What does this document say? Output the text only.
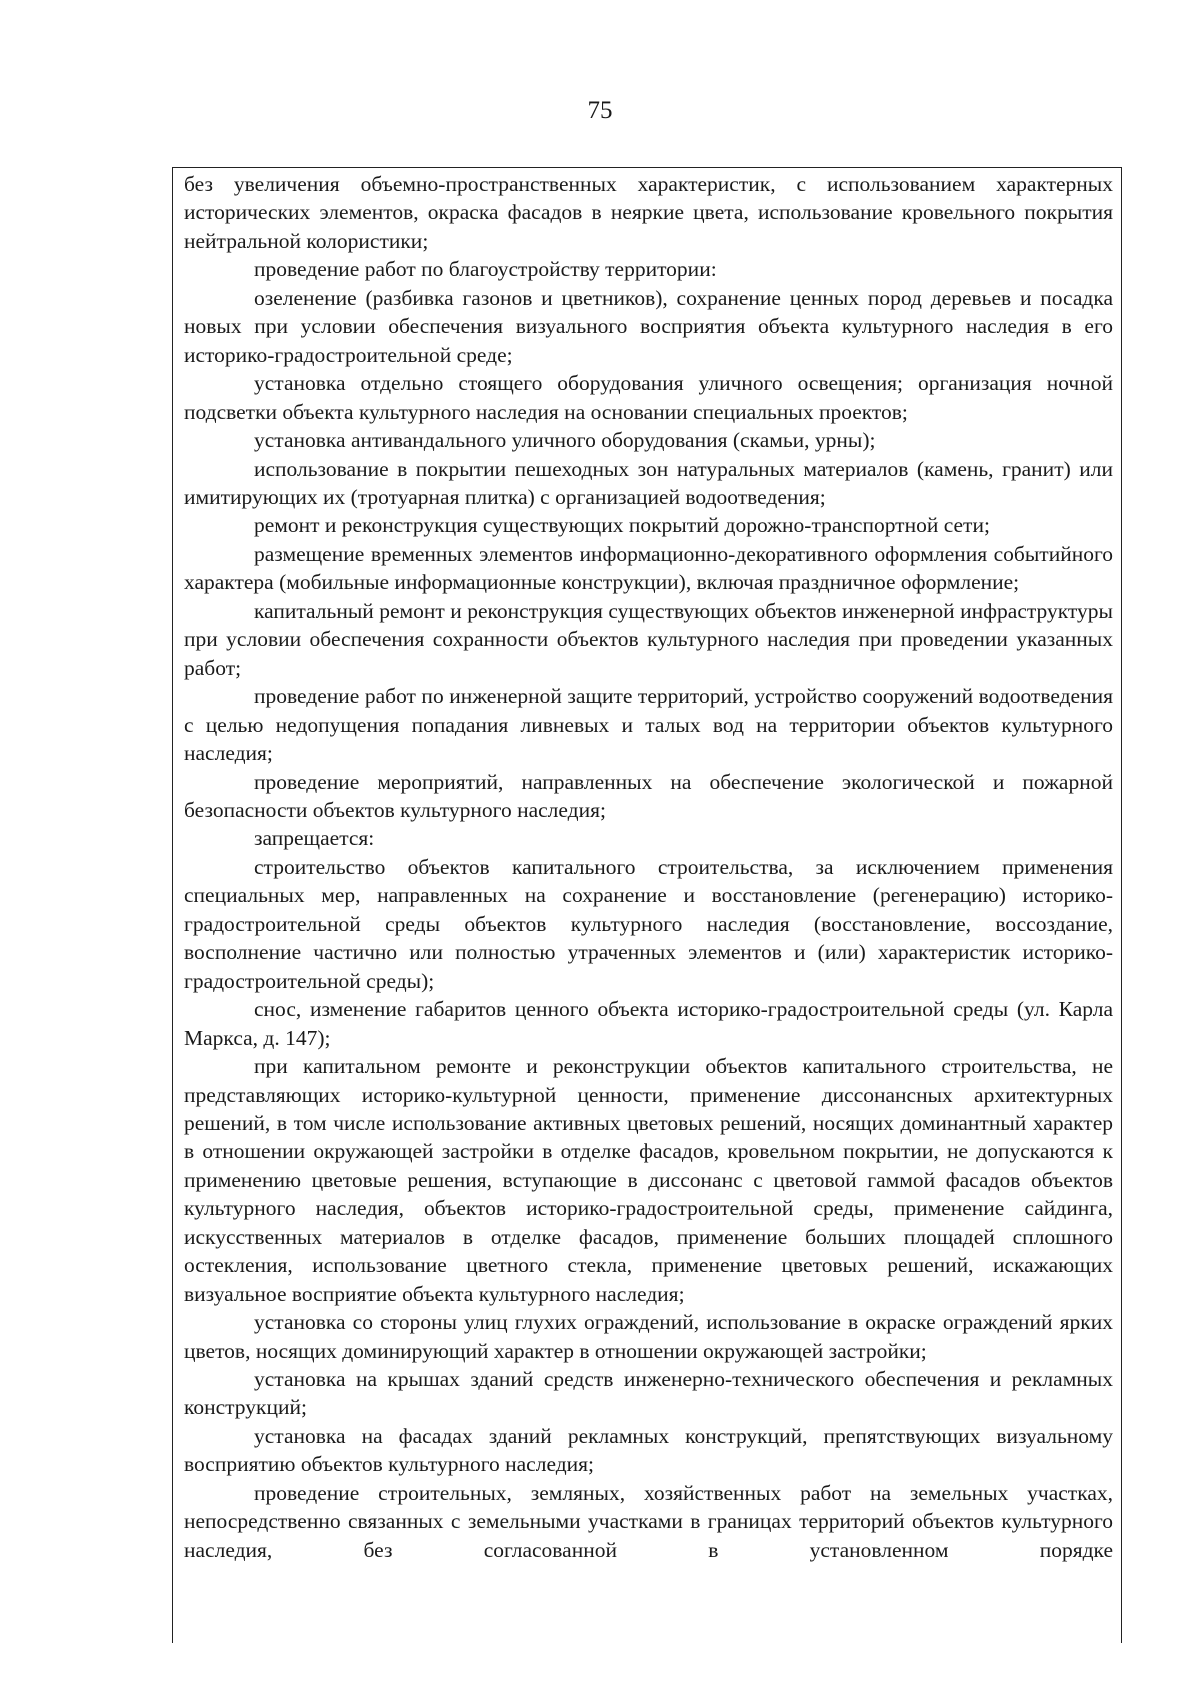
75

без увеличения объемно-пространственных характеристик, с использованием характерных исторических элементов, окраска фасадов в неяркие цвета, использование кровельного покрытия нейтральной колористики;

проведение работ по благоустройству территории:

озеленение (разбивка газонов и цветников), сохранение ценных пород деревьев и посадка новых при условии обеспечения визуального восприятия объекта культурного наследия в его историко-градостроительной среде;

установка отдельно стоящего оборудования уличного освещения; организация ночной подсветки объекта культурного наследия на основании специальных проектов;

установка антивандального уличного оборудования (скамьи, урны);

использование в покрытии пешеходных зон натуральных материалов (камень, гранит) или имитирующих их (тротуарная плитка) с организацией водоотведения;

ремонт и реконструкция существующих покрытий дорожно-транспортной сети;

размещение временных элементов информационно-декоративного оформления событийного характера (мобильные информационные конструкции), включая праздничное оформление;

капитальный ремонт и реконструкция существующих объектов инженерной инфраструктуры при условии обеспечения сохранности объектов культурного наследия при проведении указанных работ;

проведение работ по инженерной защите территорий, устройство сооружений водоотведения с целью недопущения попадания ливневых и талых вод на территории объектов культурного наследия;

проведение мероприятий, направленных на обеспечение экологической и пожарной безопасности объектов культурного наследия;

запрещается:

строительство объектов капитального строительства, за исключением применения специальных мер, направленных на сохранение и восстановление (регенерацию) историко-градостроительной среды объектов культурного наследия (восстановление, воссоздание, восполнение частично или полностью утраченных элементов и (или) характеристик историко-градостроительной среды);

снос, изменение габаритов ценного объекта историко-градостроительной среды (ул. Карла Маркса, д. 147);

при капитальном ремонте и реконструкции объектов капитального строительства, не представляющих историко-культурной ценности, применение диссонансных архитектурных решений, в том числе использование активных цветовых решений, носящих доминантный характер в отношении окружающей застройки в отделке фасадов, кровельном покрытии, не допускаются к применению цветовые решения, вступающие в диссонанс с цветовой гаммой фасадов объектов культурного наследия, объектов историко-градостроительной среды, применение сайдинга, искусственных материалов в отделке фасадов, применение больших площадей сплошного остекления, использование цветного стекла, применение цветовых решений, искажающих визуальное восприятие объекта культурного наследия;

установка со стороны улиц глухих ограждений, использование в окраске ограждений ярких цветов, носящих доминирующий характер в отношении окружающей застройки;

установка на крышах зданий средств инженерно-технического обеспечения и рекламных конструкций;

установка на фасадах зданий рекламных конструкций, препятствующих визуальному восприятию объектов культурного наследия;

проведение строительных, земляных, хозяйственных работ на земельных участках, непосредственно связанных с земельными участками в границах территорий объектов культурного наследия, без согласованной в установленном порядке
